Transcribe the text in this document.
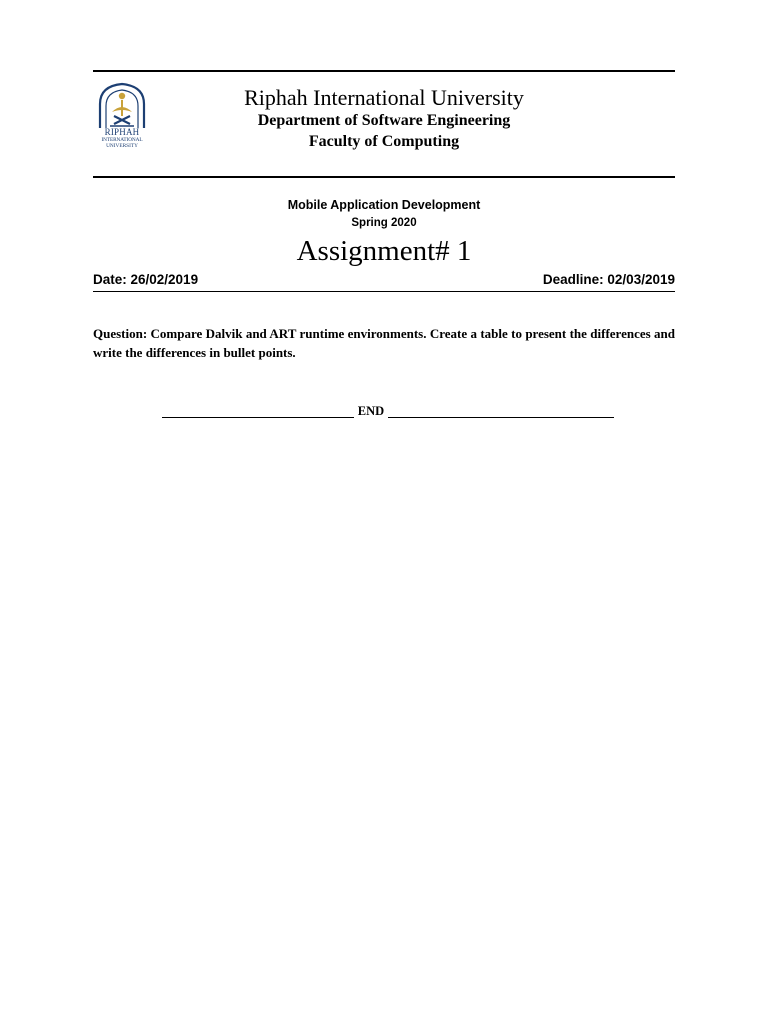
RIPHAH
INTERNATIONAL
UNIVERSITY
Riphah International University
Department of Software Engineering
Faculty of Computing
Mobile Application Development
Spring 2020
Assignment# 1
Date: 26/02/2019	Deadline: 02/03/2019
Question: Compare Dalvik and ART runtime environments. Create a table to present the differences and write the differences in bullet points.
END
